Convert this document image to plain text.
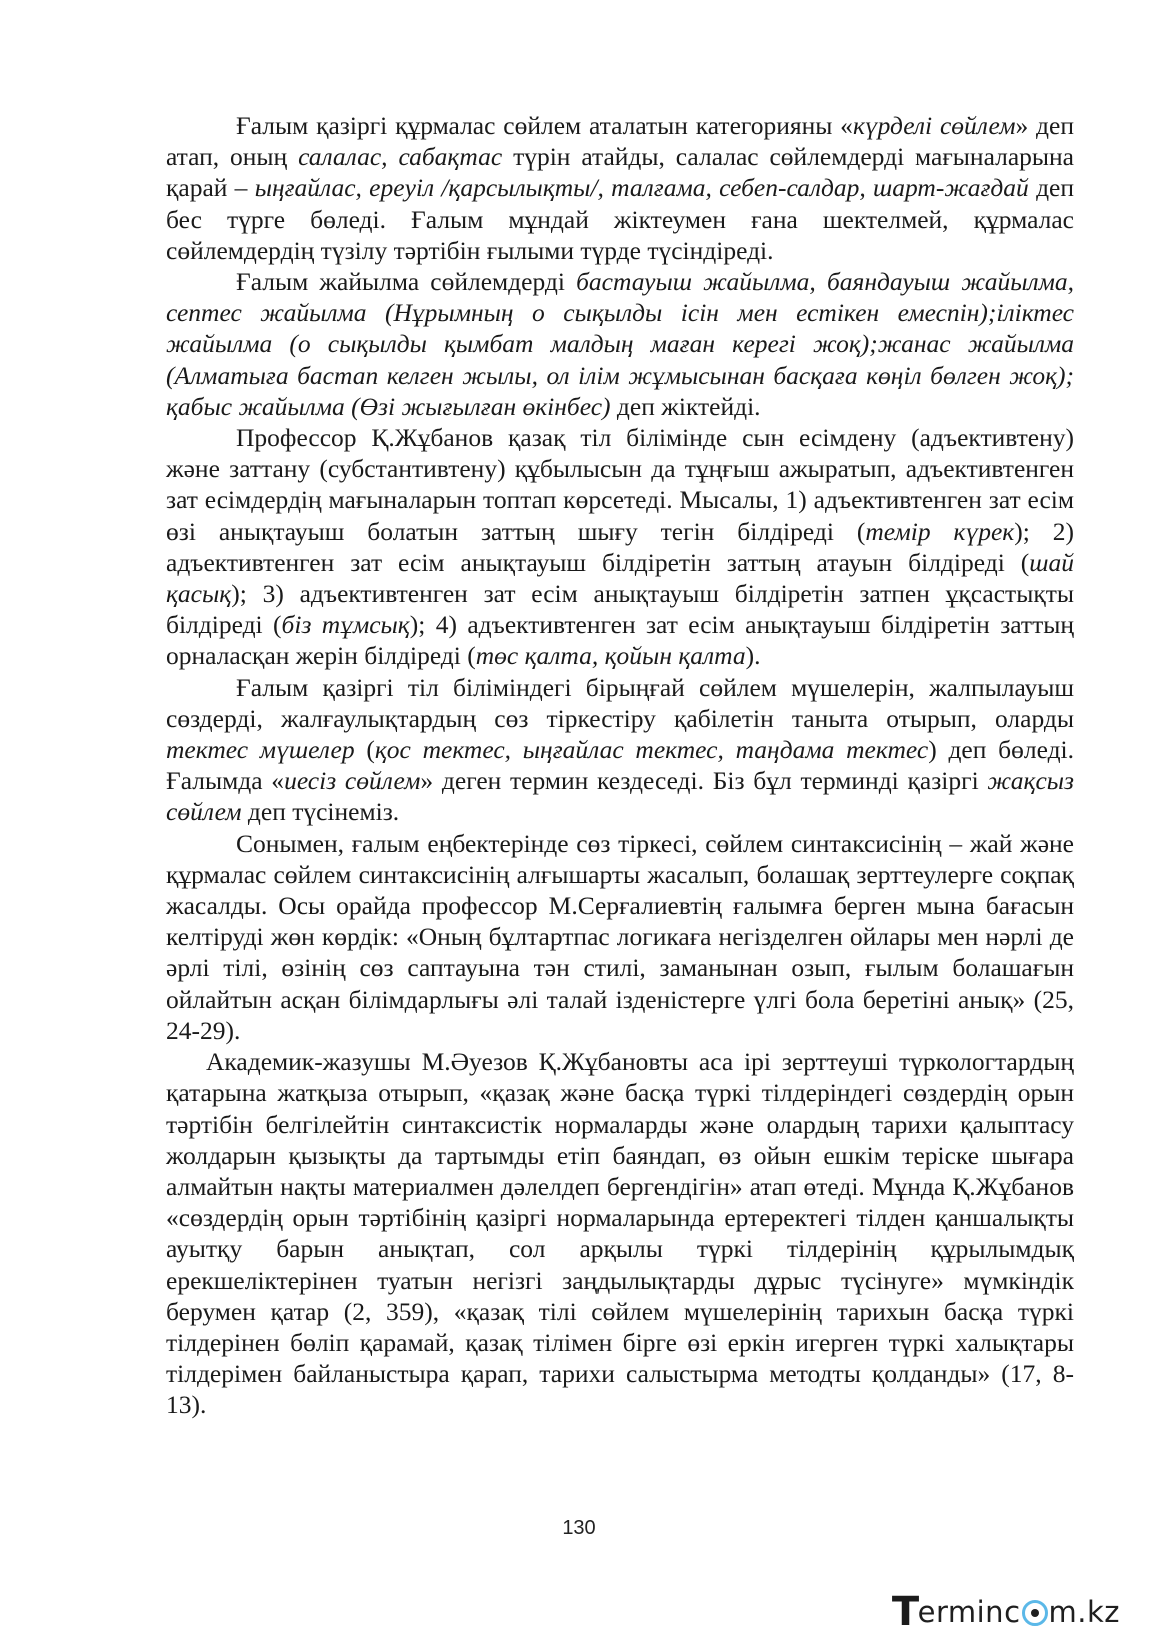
Ғалым қазіргі құрмалас сөйлем аталатын категорияны «күрделі сөйлем» деп атап, оның салалас, сабақтас түрін атайды, салалас сөйлемдерді мағыналарына қарай – ыңғайлас, ереуіл /қарсылықты/, талғама, себеп-салдар, шарт-жағдай деп бес түрге бөледі. Ғалым мұндай жіктеумен ғана шектелмей, құрмалас сөйлемдердің түзілу тәртібін ғылыми түрде түсіндіреді.

Ғалым жайылма сөйлемдерді бастауыш жайылма, баяндауыш жайылма, септес жайылма (Нұрымның о сықылды ісін мен естікен емеспін);іліктес жайылма (о сықылды қымбат малдың маған керегі жоқ);жанас жайылма (Алматыға бастап келген жылы, ол ілім жұмысынан басқаға көңіл бөлген жоқ); қабыс жайылма (Өзі жығылған өкінбес) деп жіктейді.

Профессор Қ.Жұбанов қазақ тіл білімінде сын есімдену (адъективтену) және заттану (субстантивтену) құбылысын да тұңғыш ажыратып, адъективтенген зат есімдердің мағыналарын топтап көрсетеді. Мысалы, 1) адъективтенген зат есім өзі анықтауыш болатын заттың шығу тегін білдіреді (темір күрек); 2) адъективтенген зат есім анықтауыш білдіретін заттың атауын білдіреді (шай қасық); 3) адъективтенген зат есім анықтауыш білдіретін затпен ұқсастықты білдіреді (біз тұмсық); 4) адъективтенген зат есім анықтауыш білдіретін заттың орналасқан жерін білдіреді (төс қалта, қойын қалта).

Ғалым қазіргі тіл біліміндегі бірыңғай сөйлем мүшелерін, жалпылауыш сөздерді, жалғаулықтардың сөз тіркестіру қабілетін таныта отырып, оларды тектес мүшелер (қос тектес, ыңғайлас тектес, таңдама тектес) деп бөледі. Ғалымда «иесіз сөйлем» деген термин кездеседі. Біз бұл терминді қазіргі жақсыз сөйлем деп түсінеміз.

Сонымен, ғалым еңбектерінде сөз тіркесі, сөйлем синтаксисінің – жай және құрмалас сөйлем синтаксисінің алғышарты жасалып, болашақ зерттеулерге соқпақ жасалды. Осы орайда профессор М.Серғалиевтің ғалымға берген мына бағасын келтіруді жөн көрдік: «Оның бұлтартпас логикаға негізделген ойлары мен нәрлі де әрлі тілі, өзінің сөз саптауына тән стилі, заманынан озып, ғылым болашағын ойлайтын асқан білімдарлығы әлі талай ізденістерге үлгі бола беретіні анық» (25, 24-29).

Академик-жазушы М.Әуезов Қ.Жұбановты аса ірі зерттеуші түркологтардың қатарына жатқыза отырып, «қазақ және басқа түркі тілдеріндегі сөздердің орын тәртібін белгілейтін синтаксистік нормаларды және олардың тарихи қалыптасу жолдарын қызықты да тартымды етіп баяндап, өз ойын ешкім теріске шығара алмайтын нақты материалмен дәлелдеп бергендігін» атап өтеді. Мұнда Қ.Жұбанов «сөздердің орын тәртібінің қазіргі нормаларында ертеректегі тілден қаншалықты ауытқу барын анықтап, сол арқылы түркі тілдерінің құрылымдық ерекшеліктерінен туатын негізгі заңдылықтарды дұрыс түсінуге» мүмкіндік берумен қатар (2, 359), «қазақ тілі сөйлем мүшелерінің тарихын басқа түркі тілдерінен бөліп қарамай, қазақ тілімен бірге өзі еркін игерген түркі халықтары тілдерімен байланыстыра қарап, тарихи салыстырма методты қолданды» (17, 8-13).

130
T
erminc m.kz
